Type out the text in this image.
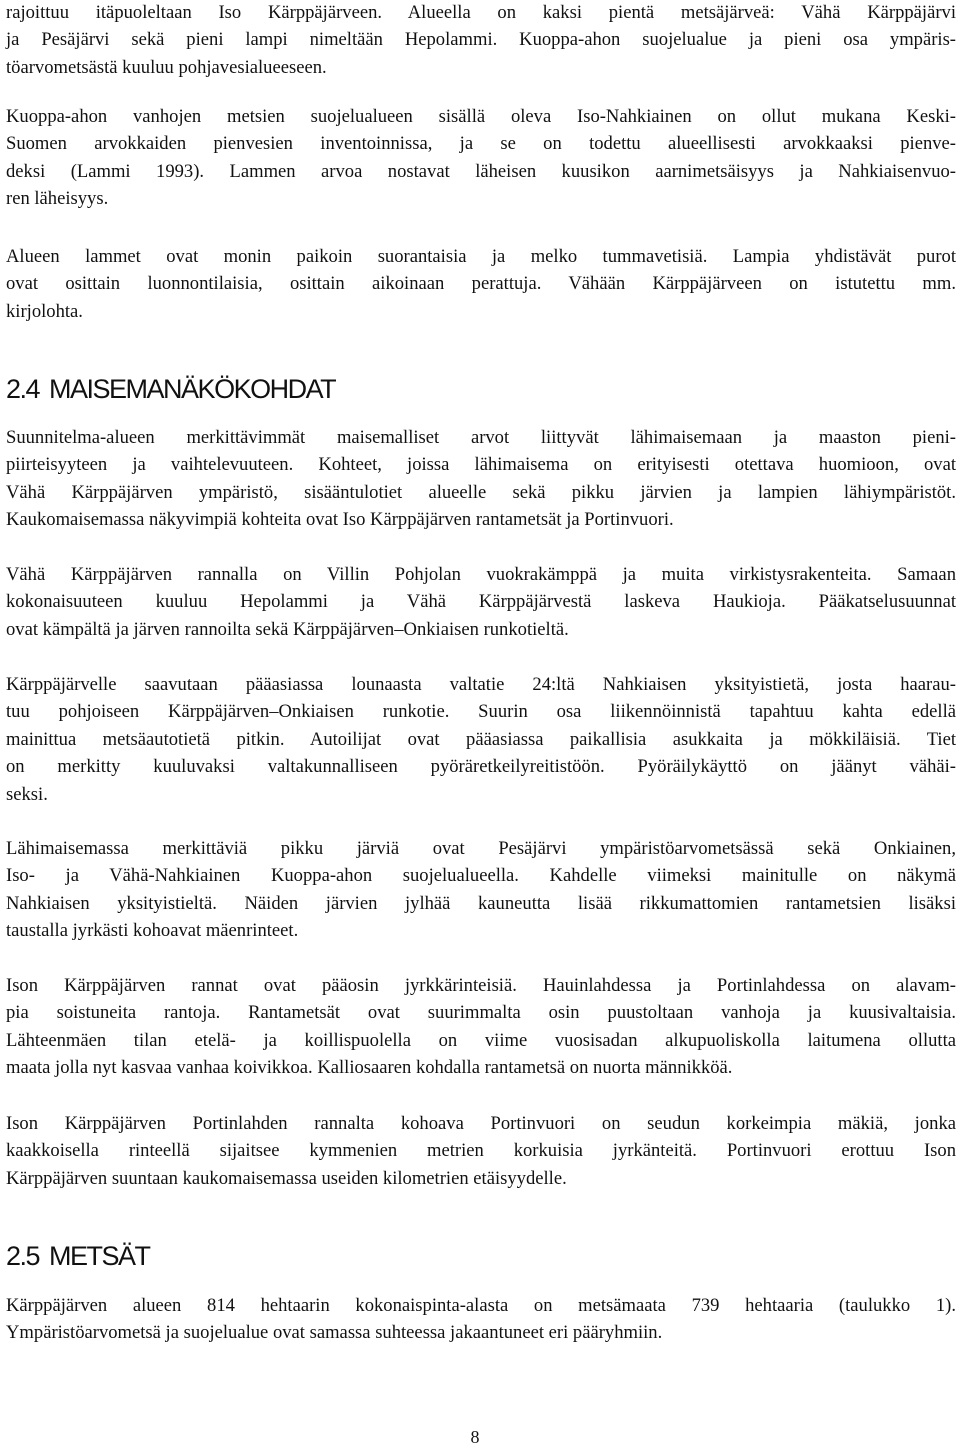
rajoittuu itäpuoleltaan Iso Kärppäjärveen. Alueella on kaksi pientä metsäjärveä: Vähä Kärppäjärvi
ja Pesäjärvi sekä pieni lampi nimeltään Hepolammi. Kuoppa-ahon suojelualue ja pieni osa ympäris-
töarvometsästä kuuluu pohjavesialueeseen.
Kuoppa-ahon vanhojen metsien suojelualueen sisällä oleva Iso-Nahkiainen on ollut mukana Keski-
Suomen arvokkaiden pienvesien inventoinnissa, ja se on todettu alueellisesti arvokkaaksi pienve-
deksi (Lammi 1993). Lammen arvoa nostavat läheisen kuusikon aarnimetsäisyys ja Nahkiaisenvuo-
ren läheisyys.
Alueen lammet ovat monin paikoin suorantaisia ja melko tummavetisiä. Lampia yhdistävät purot
ovat osittain luonnontilaisia, osittain aikoinaan perattuja. Vähään Kärppäjärveen on istutettu mm.
kirjolohta.
Suunnitelma-alueen merkittävimmät maisemalliset arvot liittyvät lähimaisemaan ja maaston pieni-
piirteisyyteen ja vaihtelevuuteen. Kohteet, joissa lähimaisema on erityisesti otettava huomioon, ovat
Vähä Kärppäjärven ympäristö, sisääntulotiet alueelle sekä pikku järvien ja lampien lähiympäristöt.
Kaukomaisemassa näkyvimpiä kohteita ovat Iso Kärppäjärven rantametsät ja Portinvuori.
Vähä Kärppäjärven rannalla on Villin Pohjolan vuokrakämppä ja muita virkistysrakenteita. Samaan
kokonaisuuteen kuuluu Hepolammi ja Vähä Kärppäjärvestä laskeva Haukioja. Pääkatselusuunnat
ovat kämpältä ja järven rannoilta sekä Kärppäjärven–Onkiaisen runkotieltä.
Kärppäjärvelle saavutaan pääasiassa lounaasta valtatie 24:ltä Nahkiaisen yksityistietä, josta haarau-
tuu pohjoiseen Kärppäjärven–Onkiaisen runkotie. Suurin osa liikennöinnistä tapahtuu kahta edellä
mainittua metsäautotietä pitkin. Autoilijat ovat pääasiassa paikallisia asukkaita ja mökkiläisiä. Tiet
on merkitty kuuluvaksi valtakunnalliseen pyöräretkeilyreitistöön. Pyöräilykäyttö on jäänyt vähäi-
seksi.
Lähimaisemassa merkittäviä pikku järviä ovat Pesäjärvi ympäristöarvometsässä sekä Onkiainen,
Iso- ja Vähä-Nahkiainen Kuoppa-ahon suojelualueella. Kahdelle viimeksi mainitulle on näkymä
Nahkiaisen yksityistieltä. Näiden järvien jylhää kauneutta lisää rikkumattomien rantametsien lisäksi
taustalla jyrkästi kohoavat mäenrinteet.
Ison Kärppäjärven rannat ovat pääosin jyrkkärinteisiä. Hauinlahdessa ja Portinlahdessa on alavam-
pia soistuneita rantoja. Rantametsät ovat suurimmalta osin puustoltaan vanhoja ja kuusivaltaisia.
Lähteenmäen tilan etelä- ja koillispuolella on viime vuosisadan alkupuoliskolla laitumena ollutta
maata jolla nyt kasvaa vanhaa koivikkoa. Kalliosaaren kohdalla rantametsä on nuorta männikköä.
Ison Kärppäjärven Portinlahden rannalta kohoava Portinvuori on seudun korkeimpia mäkiä, jonka
kaakkoisella rinteellä sijaitsee kymmenien metrien korkuisia jyrkänteitä. Portinvuori erottuu Ison
Kärppäjärven suuntaan kaukomaisemassa useiden kilometrien etäisyydelle.
Kärppäjärven alueen 814 hehtaarin kokonaispinta-alasta on metsämaata 739 hehtaaria (taulukko 1).
Ympäristöarvometsä ja suojelualue ovat samassa suhteessa jakaantuneet eri pääryhmiin.
2.4 MAISEMANÄKÖKOHDAT
2.5 METSÄT
8
